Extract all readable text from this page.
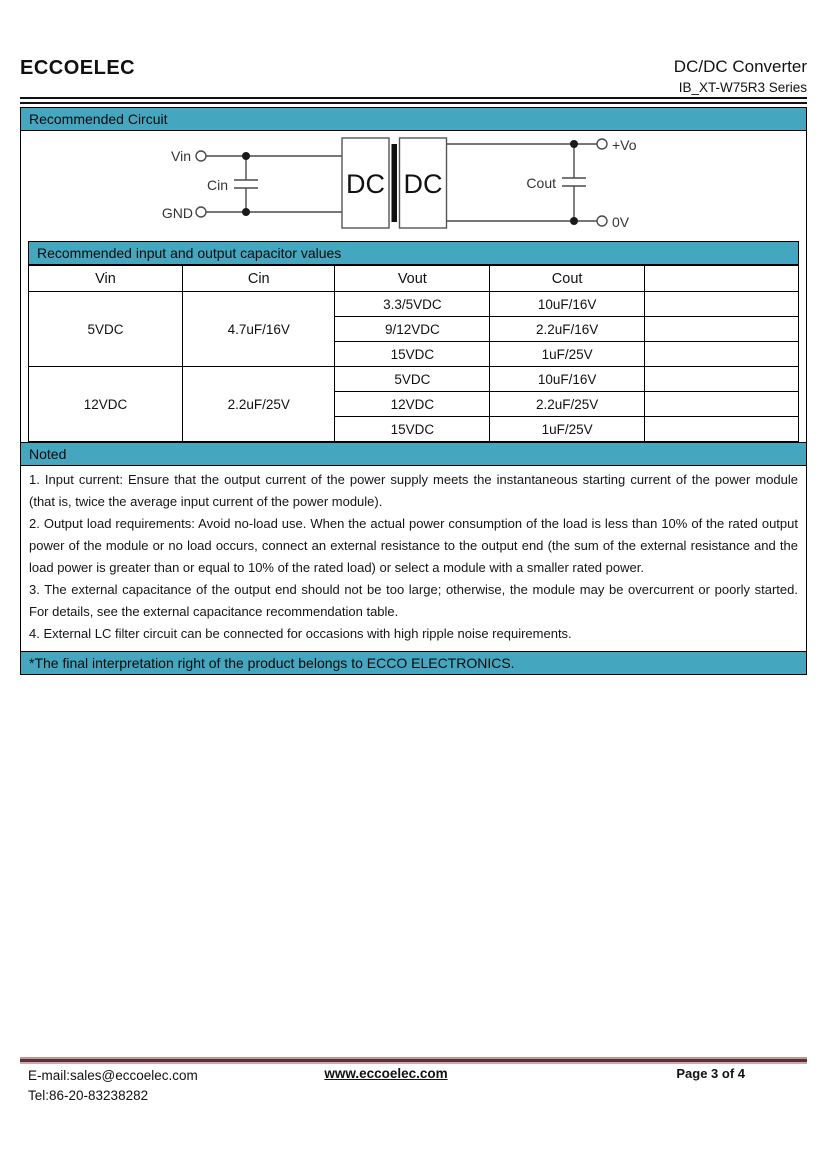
ECCOELEC	DC/DC Converter
IB_XT-W75R3 Series
Recommended Circuit
Vin
Cin
GND
DC DC	Cout
+Vo
0V
Recommended input and output capacitor values
Vin	Cin	Vout	Cout	
5VDC	4.7uF/16V	3.3/5VDC	10uF/16V	
		9/12VDC	2.2uF/16V	
		15VDC	1uF/25V	
12VDC	2.2uF/25V	5VDC	10uF/16V	
		12VDC	2.2uF/25V	
		15VDC	1uF/25V	
Noted

1. Input current: Ensure that the output current of the power supply meets the instantaneous starting current of the power module (that is, twice the average input current of the power module).

2. Output load requirements: Avoid no-load use. When the actual power consumption of the load is less than 10% of the rated output power of the module or no load occurs, connect an external resistance to the output end (the sum of the external resistance and the load power is greater than or equal to 10% of the rated load) or select a module with a smaller rated power.

3. The external capacitance of the output end should not be too large; otherwise, the module may be overcurrent or poorly started. For details, see the external capacitance recommendation table.

4. External LC filter circuit can be connected for occasions with high ripple noise requirements.

*The final interpretation right of the product belongs to ECCO ELECTRONICS.
E-mail:sales@eccoelec.com
Tel:86-20-83238282
www.eccoelec.com	Page 3 of 4
